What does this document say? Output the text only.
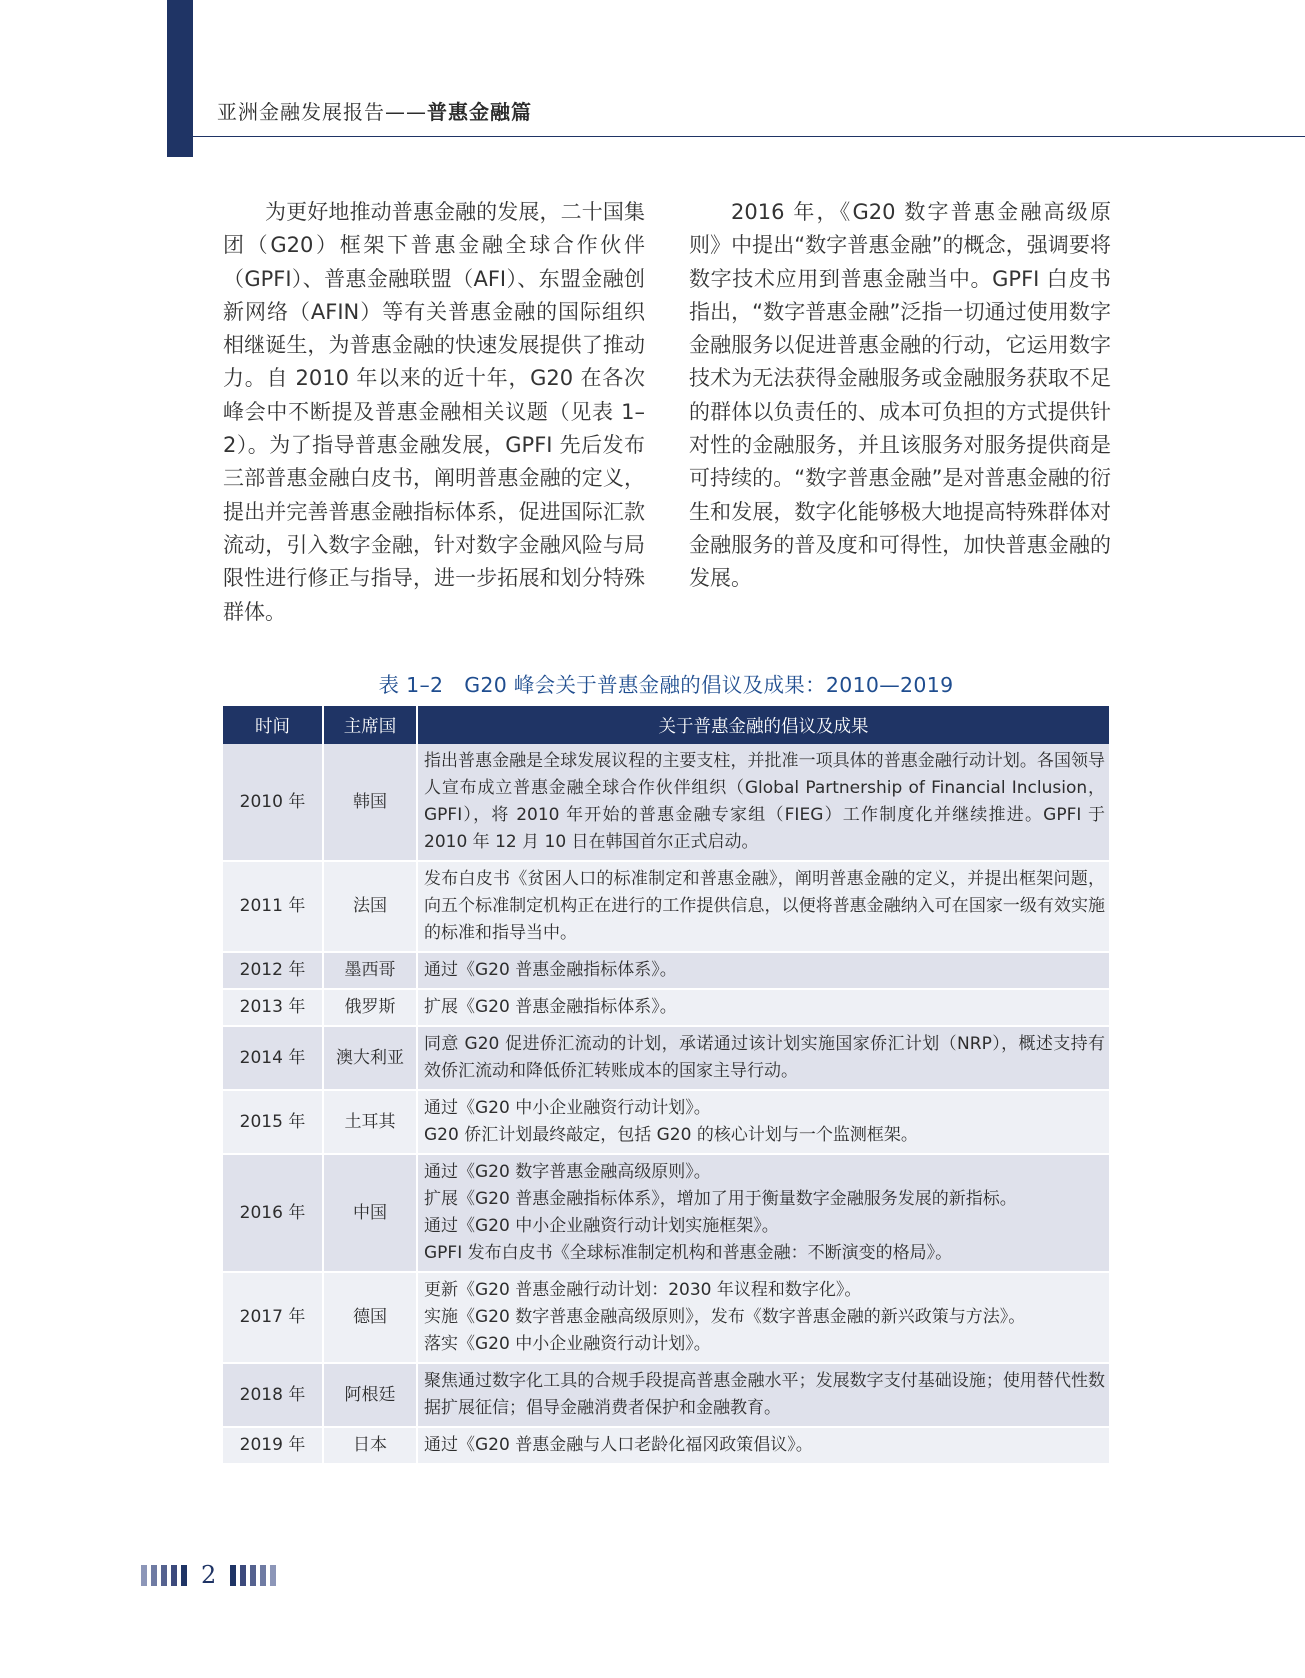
亚洲金融发展报告——普惠金融篇

为更好地推动普惠金融的发展，二十国集团（G20）框架下普惠金融全球合作伙伴（GPFI）、普惠金融联盟（AFI）、东盟金融创新网络（AFIN）等有关普惠金融的国际组织相继诞生，为普惠金融的快速发展提供了推动力。自 2010 年以来的近十年，G20 在各次峰会中不断提及普惠金融相关议题（见表 1–2）。为了指导普惠金融发展，GPFI 先后发布三部普惠金融白皮书，阐明普惠金融的定义，提出并完善普惠金融指标体系，促进国际汇款流动，引入数字金融，针对数字金融风险与局限性进行修正与指导，进一步拓展和划分特殊群体。

2016 年，《G20 数字普惠金融高级原则》中提出“数字普惠金融”的概念，强调要将数字技术应用到普惠金融当中。GPFI 白皮书指出，“数字普惠金融”泛指一切通过使用数字金融服务以促进普惠金融的行动，它运用数字技术为无法获得金融服务或金融服务获取不足的群体以负责任的、成本可负担的方式提供针对性的金融服务，并且该服务对服务提供商是可持续的。“数字普惠金融”是对普惠金融的衍生和发展，数字化能够极大地提高特殊群体对金融服务的普及度和可得性，加快普惠金融的发展。

表 1–2　G20 峰会关于普惠金融的倡议及成果：2010—2019
时间	主席国	关于普惠金融的倡议及成果
2010 年	韩国	指出普惠金融是全球发展议程的主要支柱，并批准一项具体的普惠金融行动计划。各国领导人宣布成立普惠金融全球合作伙伴组织（Global Partnership of Financial Inclusion，GPFI），将 2010 年开始的普惠金融专家组（FIEG）工作制度化并继续推进。GPFI 于 2010 年 12 月 10 日在韩国首尔正式启动。

2011 年	法国	发布白皮书《贫困人口的标准制定和普惠金融》，阐明普惠金融的定义，并提出框架问题，向五个标准制定机构正在进行的工作提供信息，以便将普惠金融纳入可在国家一级有效实施的标准和指导当中。

2012 年	墨西哥	通过《G20 普惠金融指标体系》。

2013 年	俄罗斯	扩展《G20 普惠金融指标体系》。

2014 年	澳大利亚	同意 G20 促进侨汇流动的计划，承诺通过该计划实施国家侨汇计划（NRP），概述支持有效侨汇流动和降低侨汇转账成本的国家主导行动。

2015 年	土耳其	通过《G20 中小企业融资行动计划》。
G20 侨汇计划最终敲定，包括 G20 的核心计划与一个监测框架。

2016 年	中国	通过《G20 数字普惠金融高级原则》。
扩展《G20 普惠金融指标体系》，增加了用于衡量数字金融服务发展的新指标。
通过《G20 中小企业融资行动计划实施框架》。
GPFI 发布白皮书《全球标准制定机构和普惠金融：不断演变的格局》。

2017 年	德国	更新《G20 普惠金融行动计划：2030 年议程和数字化》。
实施《G20 数字普惠金融高级原则》，发布《数字普惠金融的新兴政策与方法》。
落实《G20 中小企业融资行动计划》。

2018 年	阿根廷	聚焦通过数字化工具的合规手段提高普惠金融水平；发展数字支付基础设施；使用替代性数据扩展征信；倡导金融消费者保护和金融教育。

2019 年	日本	通过《G20 普惠金融与人口老龄化福冈政策倡议》。
2
